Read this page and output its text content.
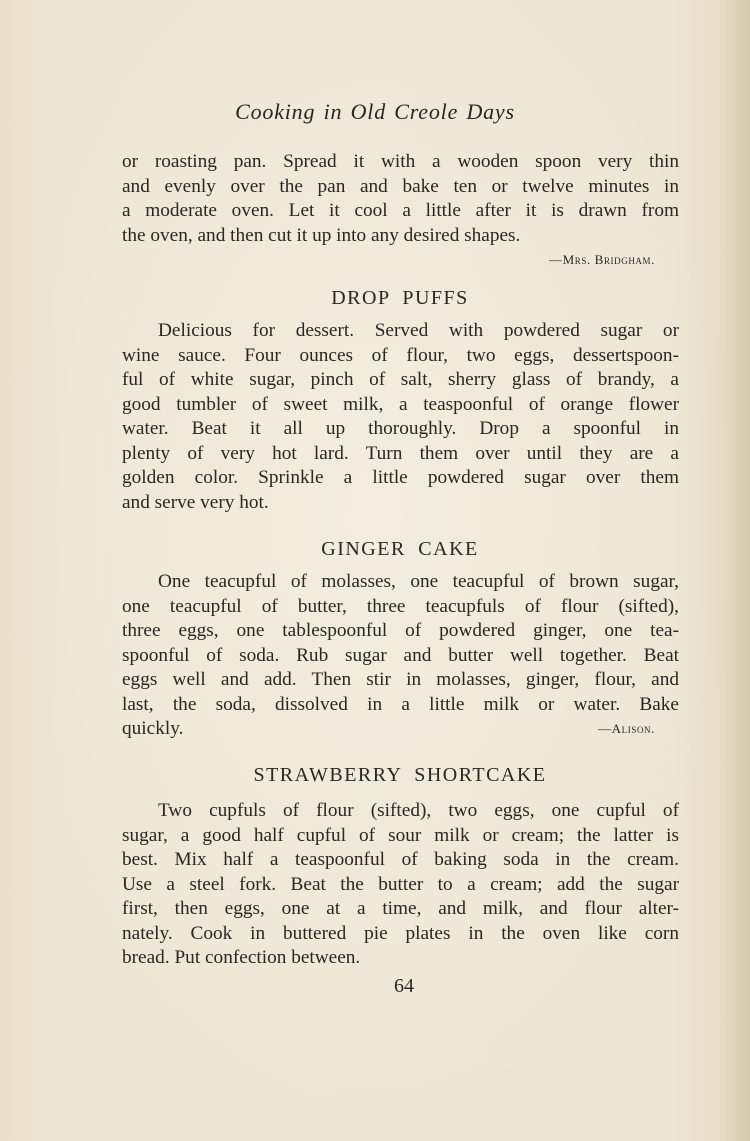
Cooking in Old Creole Days
or roasting pan. Spread it with a wooden spoon very thin
and evenly over the pan and bake ten or twelve minutes in
a moderate oven. Let it cool a little after it is drawn from
the oven, and then cut it up into any desired shapes.
—Mrs. Bridgham.
DROP PUFFS
Delicious for dessert. Served with powdered sugar or
wine sauce. Four ounces of flour, two eggs, dessertspoon-
ful of white sugar, pinch of salt, sherry glass of brandy, a
good tumbler of sweet milk, a teaspoonful of orange flower
water. Beat it all up thoroughly. Drop a spoonful in
plenty of very hot lard. Turn them over until they are a
golden color. Sprinkle a little powdered sugar over them
and serve very hot.
GINGER CAKE
One teacupful of molasses, one teacupful of brown sugar,
one teacupful of butter, three teacupfuls of flour (sifted),
three eggs, one tablespoonful of powdered ginger, one tea-
spoonful of soda. Rub sugar and butter well together. Beat
eggs well and add. Then stir in molasses, ginger, flour, and
last, the soda, dissolved in a little milk or water. Bake
quickly.	—Alison.
STRAWBERRY SHORTCAKE
Two cupfuls of flour (sifted), two eggs, one cupful of
sugar, a good half cupful of sour milk or cream; the latter is
best. Mix half a teaspoonful of baking soda in the cream.
Use a steel fork. Beat the butter to a cream; add the sugar
first, then eggs, one at a time, and milk, and flour alter-
nately. Cook in buttered pie plates in the oven like corn
bread. Put confection between.
64
